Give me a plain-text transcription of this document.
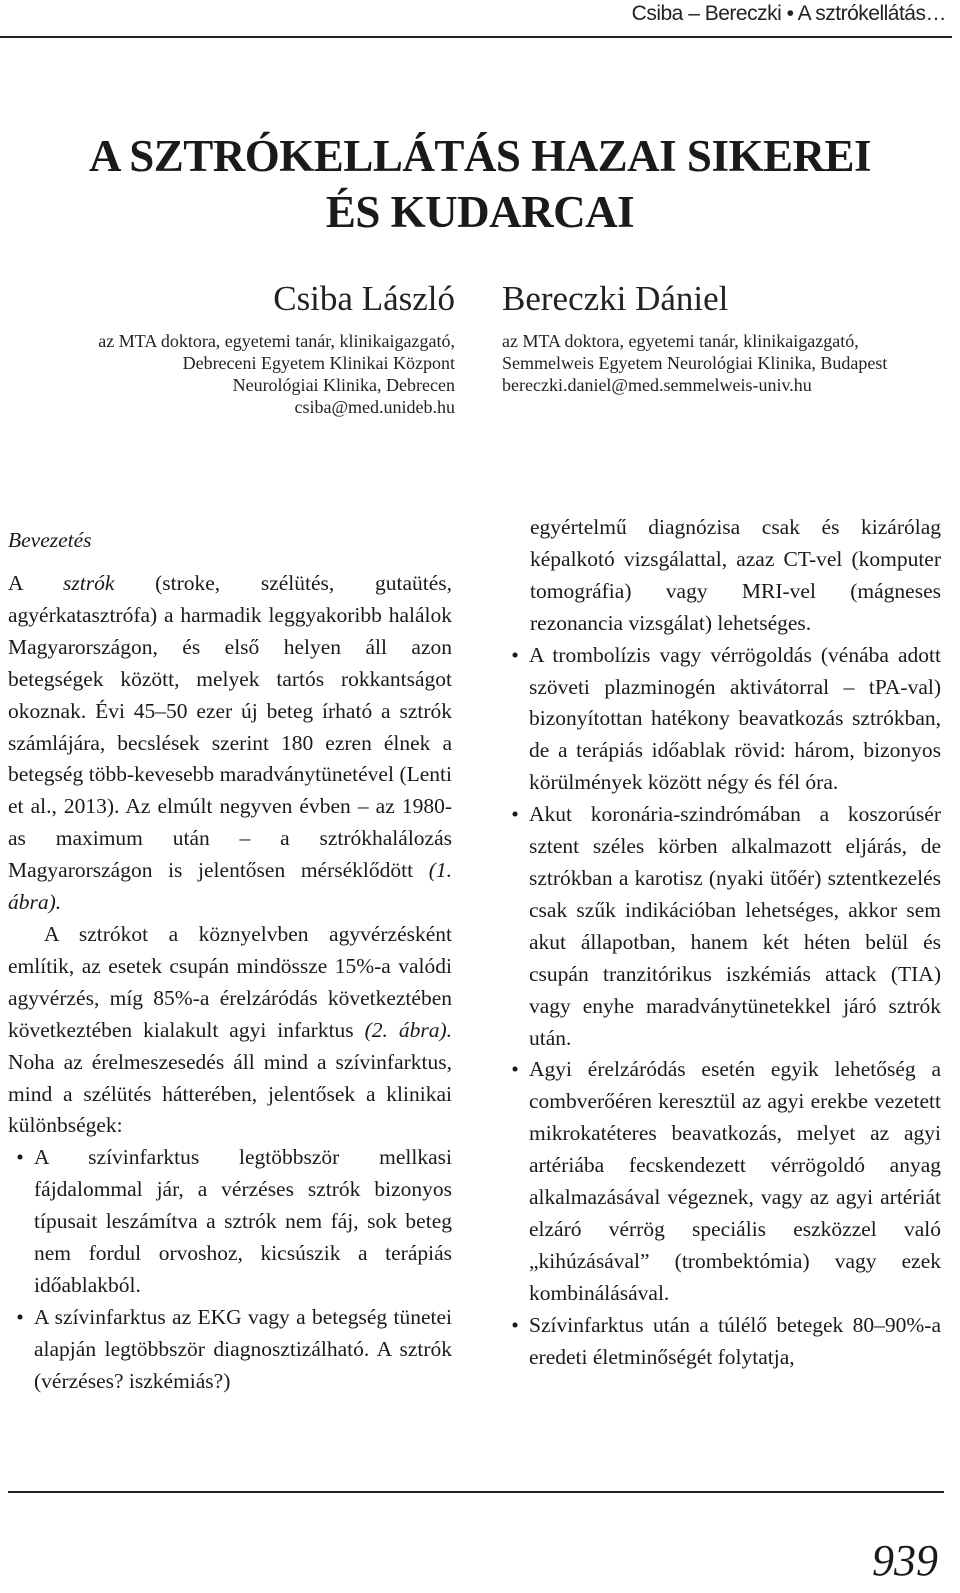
Csiba – Bereczki • A sztrókellátás…
A SZTRÓKELLÁTÁS HAZAI SIKEREI
ÉS KUDARCAI
Csiba László
az MTA doktora, egyetemi tanár, klinikaigazgató,
Debreceni Egyetem Klinikai Központ
Neurológiai Klinika, Debrecen
csiba@med.unideb.hu
Bereczki Dániel
az MTA doktora, egyetemi tanár, klinikaigazgató,
Semmelweis Egyetem Neurológiai Klinika, Budapest
bereczki.daniel@med.semmelweis-univ.hu
Bevezetés

A sztrók (stroke, szélütés, gutaütés, agyérkatasztrófa) a harmadik leggyakoribb halálok Magyarországon, és első helyen áll azon betegségek között, melyek tartós rokkantságot okoznak. Évi 45–50 ezer új beteg írható a sztrók számlájára, becslések szerint 180 ezren élnek a betegség több-kevesebb maradványtünetével (Lenti et al., 2013). Az elmúlt negyven évben – az 1980-as maximum után – a sztrókhalálozás Magyarországon is jelentősen mérséklődött (1. ábra).

A sztrókot a köznyelvben agyvérzésként említik, az esetek csupán mindössze 15%-a valódi agyvérzés, míg 85%-a érelzáródás következtében következtében kialakult agyi infarktus (2. ábra). Noha az érelmeszesedés áll mind a szívinfarktus, mind a szélütés hátterében, jelentősek a klinikai különbségek:

• A szívinfarktus legtöbbször mellkasi fájdalommal jár, a vérzéses sztrók bizonyos típusait leszámítva a sztrók nem fáj, sok beteg nem fordul orvoshoz, kicsúszik a terápiás időablakból.
• A szívinfarktus az EKG vagy a betegség tünetei alapján legtöbbször diagnosztizálható. A sztrók (vérzéses? iszkémiás?)

egyértelmű diagnózisa csak és kizárólag képalkotó vizsgálattal, azaz CT-vel (komputer tomográfia) vagy MRI-vel (mágneses rezonancia vizsgálat) lehetséges.

• A trombolízis vagy vérrögoldás (vénába adott szöveti plazminogén aktivátorral – tPA-val) bizonyítottan hatékony beavatkozás sztrókban, de a terápiás időablak rövid: három, bizonyos körülmények között négy és fél óra.
• Akut koronária-szindrómában a koszorúsér sztent széles körben alkalmazott eljárás, de sztrókban a karotisz (nyaki ütőér) sztentkezelés csak szűk indikációban lehetséges, akkor sem akut állapotban, hanem két héten belül és csupán tranzitórikus iszkémiás attack (TIA) vagy enyhe maradványtünetekkel járó sztrók után.
• Agyi érelzáródás esetén egyik lehetőség a combverőéren keresztül az agyi erekbe vezetett mikrokatéteres beavatkozás, melyet az agyi artériába fecskendezett vérrögoldó anyag alkalmazásával végeznek, vagy az agyi artériát elzáró vérrög speciális eszközzel való „kihúzásával” (trombektómia) vagy ezek kombinálásával.
• Szívinfarktus után a túlélő betegek 80–90%-a eredeti életminőségét folytatja,
939
